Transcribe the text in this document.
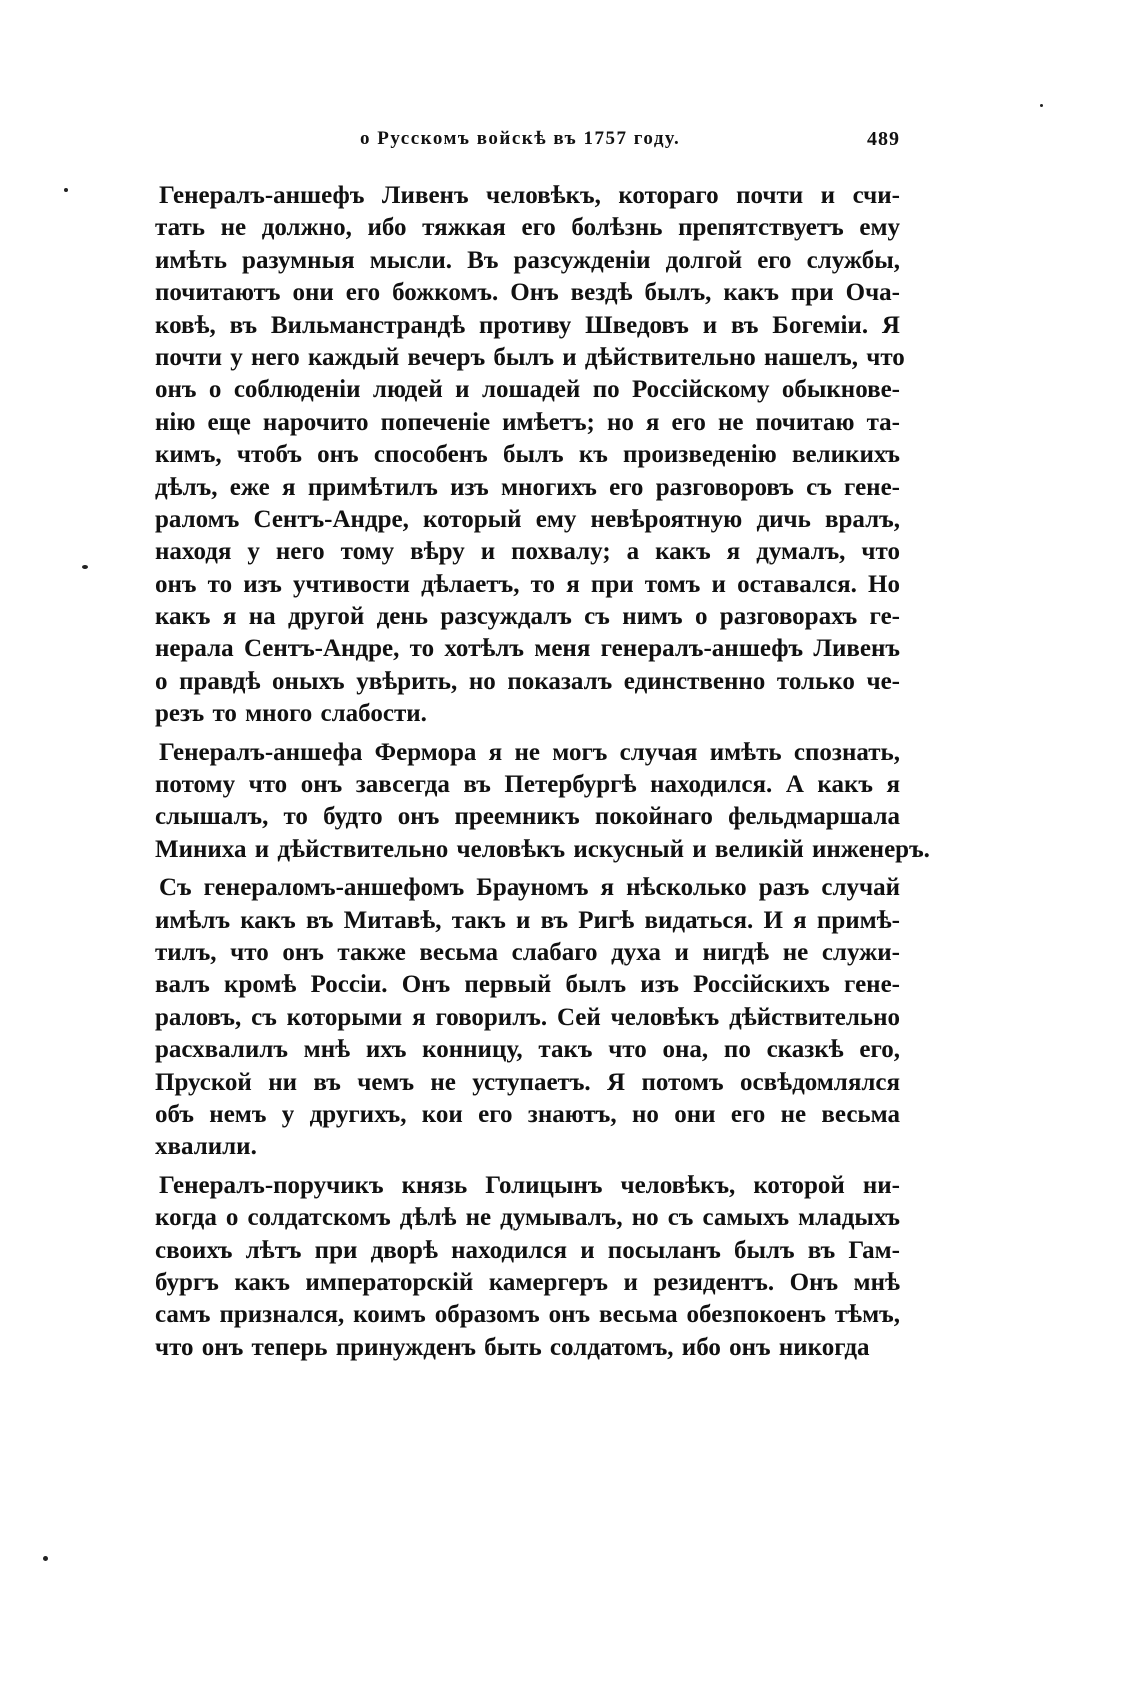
о Русскомъ войскѣ въ 1757 году.	489
Генералъ-аншефъ Ливенъ человѣкъ, котораго почти и счи-
тать не должно, ибо тяжкая его болѣзнь препятствуетъ ему
имѣть разумныя мысли. Въ разсужденіи долгой его службы,
почитаютъ они его божкомъ. Онъ вездѣ былъ, какъ при Оча-
ковѣ, въ Вильманстрандѣ противу Шведовъ и въ Богеміи. Я
почти у него каждый вечеръ былъ и дѣйствительно нашелъ, что
онъ о соблюденіи людей и лошадей по Россійскому обыкнове-
нію еще нарочито попеченіе имѣетъ; но я его не почитаю та-
кимъ, чтобъ онъ способенъ былъ къ произведенію великихъ
дѣлъ, еже я примѣтилъ изъ многихъ его разговоровъ съ гене-
раломъ Сентъ-Андре, который ему невѣроятную дичь вралъ,
находя у него тому вѣру и похвалу; а какъ я думалъ, что
онъ то изъ учтивости дѣлаетъ, то я при томъ и оставался. Но
какъ я на другой день разсуждалъ съ нимъ о разговорахъ ге-
нерала Сентъ-Андре, то хотѣлъ меня генералъ-аншефъ Ливенъ
о правдѣ оныхъ увѣрить, но показалъ единственно только че-
резъ то много слабости.
Генералъ-аншефа Фермора я не могъ случая имѣть спознать,
потому что онъ завсегда въ Петербургѣ находился. А какъ я
слышалъ, то будто онъ преемникъ покойнаго фельдмаршала
Миниха и дѣйствительно человѣкъ искусный и великій инженеръ.
Съ генераломъ-аншефомъ Брауномъ я нѣсколько разъ случай
имѣлъ какъ въ Митавѣ, такъ и въ Ригѣ видаться. И я примѣ-
тилъ, что онъ также весьма слабаго духа и нигдѣ не служи-
валъ кромѣ Россіи. Онъ первый былъ изъ Россійскихъ гене-
раловъ, съ которыми я говорилъ. Сей человѣкъ дѣйствительно
расхвалилъ мнѣ ихъ конницу, такъ что она, по сказкѣ его,
Пруской ни въ чемъ не уступаетъ. Я потомъ освѣдомлялся
объ немъ у другихъ, кои его знаютъ, но они его не весьма
хвалили.
Генералъ-поручикъ князь Голицынъ человѣкъ, которой ни-
когда о солдатскомъ дѣлѣ не думывалъ, но съ самыхъ младыхъ
своихъ лѣтъ при дворѣ находился и посыланъ былъ въ Гам-
бургъ какъ императорскій камергеръ и резидентъ. Онъ мнѣ
самъ признался, коимъ образомъ онъ весьма обезпокоенъ тѣмъ,
что онъ теперь принужденъ быть солдатомъ, ибо онъ никогда
